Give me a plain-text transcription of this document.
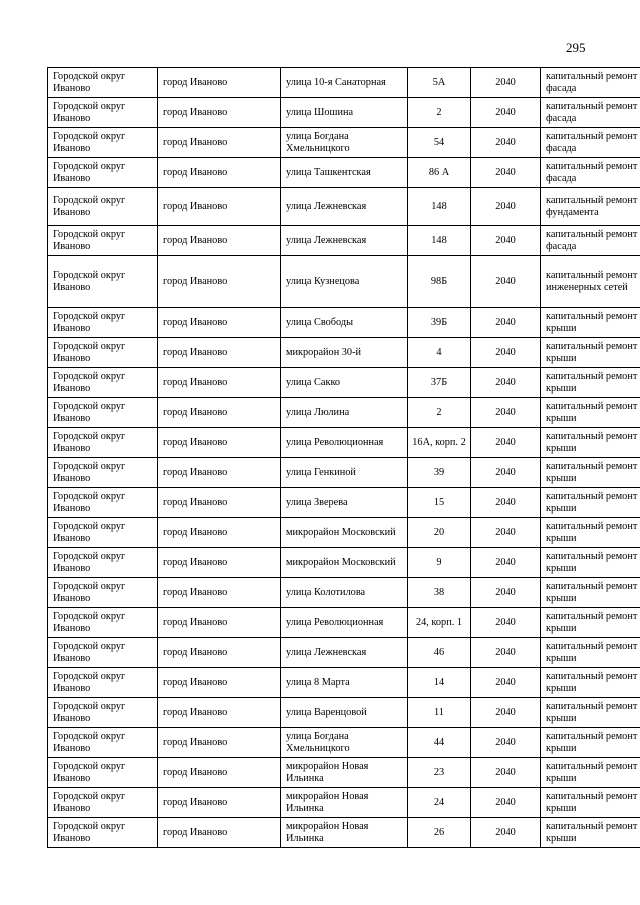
295
Городской округ Иваново	город Иваново	улица 10-я Санаторная	5А	2040	капитальный ремонт фасада
Городской округ Иваново	город Иваново	улица Шошина	2	2040	капитальный ремонт фасада
Городской округ Иваново	город Иваново	улица Богдана Хмельницкого	54	2040	капитальный ремонт фасада
Городской округ Иваново	город Иваново	улица Ташкентская	86 А	2040	капитальный ремонт фасада
Городской округ Иваново	город Иваново	улица Лежневская	148	2040	капитальный ремонт фундамента
Городской округ Иваново	город Иваново	улица Лежневская	148	2040	капитальный ремонт фасада
Городской округ Иваново	город Иваново	улица Кузнецова	98Б	2040	капитальный ремонт инженерных сетей
Городской округ Иваново	город Иваново	улица Свободы	39Б	2040	капитальный ремонт крыши
Городской округ Иваново	город Иваново	микрорайон 30-й	4	2040	капитальный ремонт крыши
Городской округ Иваново	город Иваново	улица Сакко	37Б	2040	капитальный ремонт крыши
Городской округ Иваново	город Иваново	улица Люлина	2	2040	капитальный ремонт крыши
Городской округ Иваново	город Иваново	улица Революционная	16А, корп. 2	2040	капитальный ремонт крыши
Городской округ Иваново	город Иваново	улица Генкиной	39	2040	капитальный ремонт крыши
Городской округ Иваново	город Иваново	улица Зверева	15	2040	капитальный ремонт крыши
Городской округ Иваново	город Иваново	микрорайон Московский	20	2040	капитальный ремонт крыши
Городской округ Иваново	город Иваново	микрорайон Московский	9	2040	капитальный ремонт крыши
Городской округ Иваново	город Иваново	улица Колотилова	38	2040	капитальный ремонт крыши
Городской округ Иваново	город Иваново	улица Революционная	24, корп. 1	2040	капитальный ремонт крыши
Городской округ Иваново	город Иваново	улица Лежневская	46	2040	капитальный ремонт крыши
Городской округ Иваново	город Иваново	улица 8 Марта	14	2040	капитальный ремонт крыши
Городской округ Иваново	город Иваново	улица Варенцовой	11	2040	капитальный ремонт крыши
Городской округ Иваново	город Иваново	улица Богдана Хмельницкого	44	2040	капитальный ремонт крыши
Городской округ Иваново	город Иваново	микрорайон Новая Ильинка	23	2040	капитальный ремонт крыши
Городской округ Иваново	город Иваново	микрорайон Новая Ильинка	24	2040	капитальный ремонт крыши
Городской округ Иваново	город Иваново	микрорайон Новая Ильинка	26	2040	капитальный ремонт крыши
